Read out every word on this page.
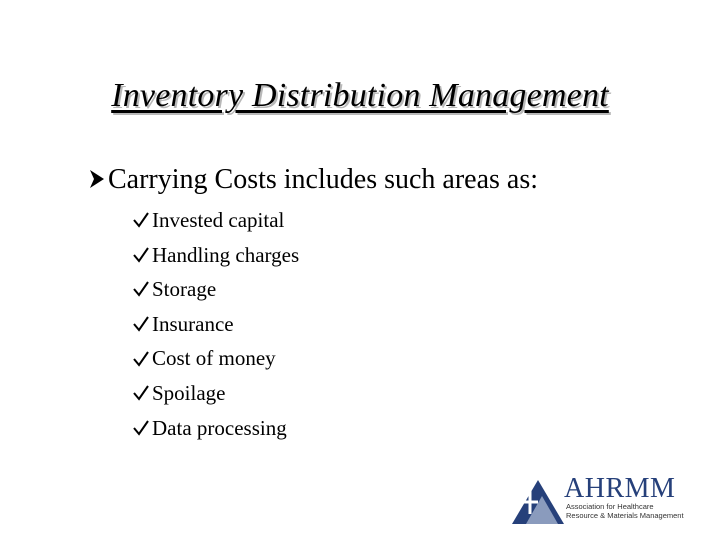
Inventory Distribution Management
Carrying Costs includes such areas as:
Invested capital
Handling charges
Storage
Insurance
Cost of money
Spoilage
Data processing
AHRMM
Association for Healthcare
Resource & Materials Management
